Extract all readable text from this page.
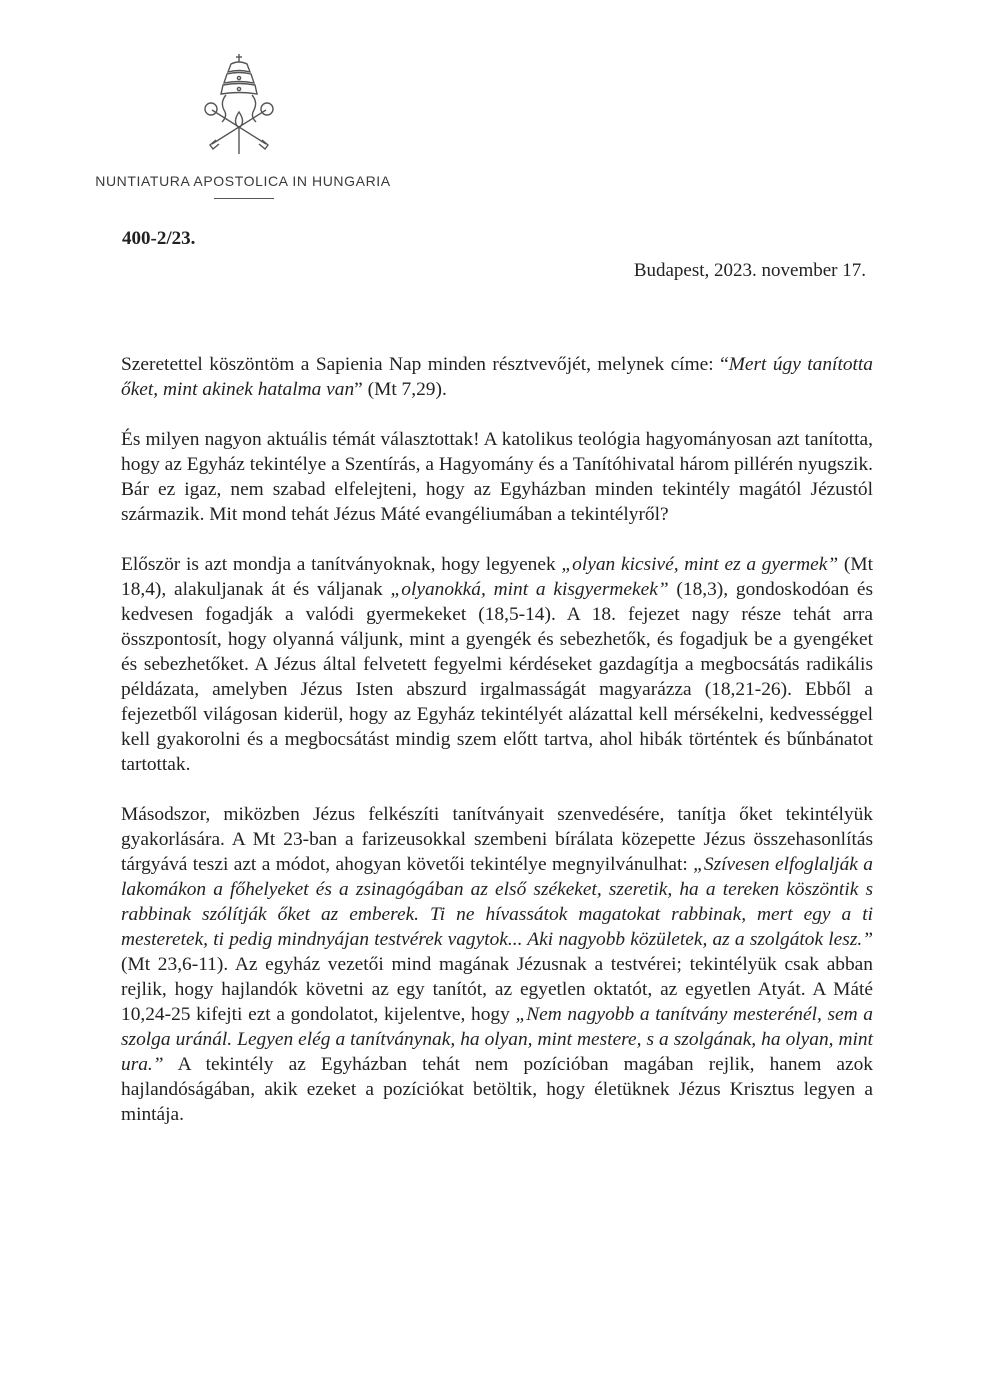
NUNTIATURA APOSTOLICA IN HUNGARIA
400-2/23.
Budapest, 2023. november 17.

Szeretettel köszöntöm a Sapienia Nap minden résztvevőjét, melynek címe: “Mert úgy tanította őket, mint akinek hatalma van” (Mt 7,29).

És milyen nagyon aktuális témát választottak! A katolikus teológia hagyományosan azt tanította, hogy az Egyház tekintélye a Szentírás, a Hagyomány és a Tanítóhivatal három pillérén nyugszik. Bár ez igaz, nem szabad elfelejteni, hogy az Egyházban minden tekintély magától Jézustól származik. Mit mond tehát Jézus Máté evangéliumában a tekintélyről?

Először is azt mondja a tanítványoknak, hogy legyenek „olyan kicsivé, mint ez a gyermek” (Mt 18,4), alakuljanak át és váljanak „olyanokká, mint a kisgyermekek” (18,3), gondoskodóan és kedvesen fogadják a valódi gyermekeket (18,5-14). A 18. fejezet nagy része tehát arra összpontosít, hogy olyanná váljunk, mint a gyengék és sebezhetők, és fogadjuk be a gyengéket és sebezhetőket. A Jézus által felvetett fegyelmi kérdéseket gazdagítja a megbocsátás radikális példázata, amelyben Jézus Isten abszurd irgalmasságát magyarázza (18,21-26). Ebből a fejezetből világosan kiderül, hogy az Egyház tekintélyét alázattal kell mérsékelni, kedvességgel kell gyakorolni és a megbocsátást mindig szem előtt tartva, ahol hibák történtek és bűnbánatot tartottak.

Másodszor, miközben Jézus felkészíti tanítványait szenvedésére, tanítja őket tekintélyük gyakorlására. A Mt 23-ban a farizeusokkal szembeni bírálata közepette Jézus összehasonlítás tárgyává teszi azt a módot, ahogyan követői tekintélye megnyilvánulhat: „Szívesen elfoglalják a lakomákon a főhelyeket és a zsinagógában az első székeket, szeretik, ha a tereken köszöntik s rabbinak szólítják őket az emberek. Ti ne hívassátok magatokat rabbinak, mert egy a ti mesteretek, ti pedig mindnyájan testvérek vagytok... Aki nagyobb közületek, az a szolgátok lesz.” (Mt 23,6-11). Az egyház vezetői mind magának Jézusnak a testvérei; tekintélyük csak abban rejlik, hogy hajlandók követni az egy tanítót, az egyetlen oktatót, az egyetlen Atyát. A Máté 10,24-25 kifejti ezt a gondolatot, kijelentve, hogy „Nem nagyobb a tanítvány mesterénél, sem a szolga uránál. Legyen elég a tanítványnak, ha olyan, mint mestere, s a szolgának, ha olyan, mint ura.” A tekintély az Egyházban tehát nem pozícióban magában rejlik, hanem azok hajlandóságában, akik ezeket a pozíciókat betöltik, hogy életüknek Jézus Krisztus legyen a mintája.
